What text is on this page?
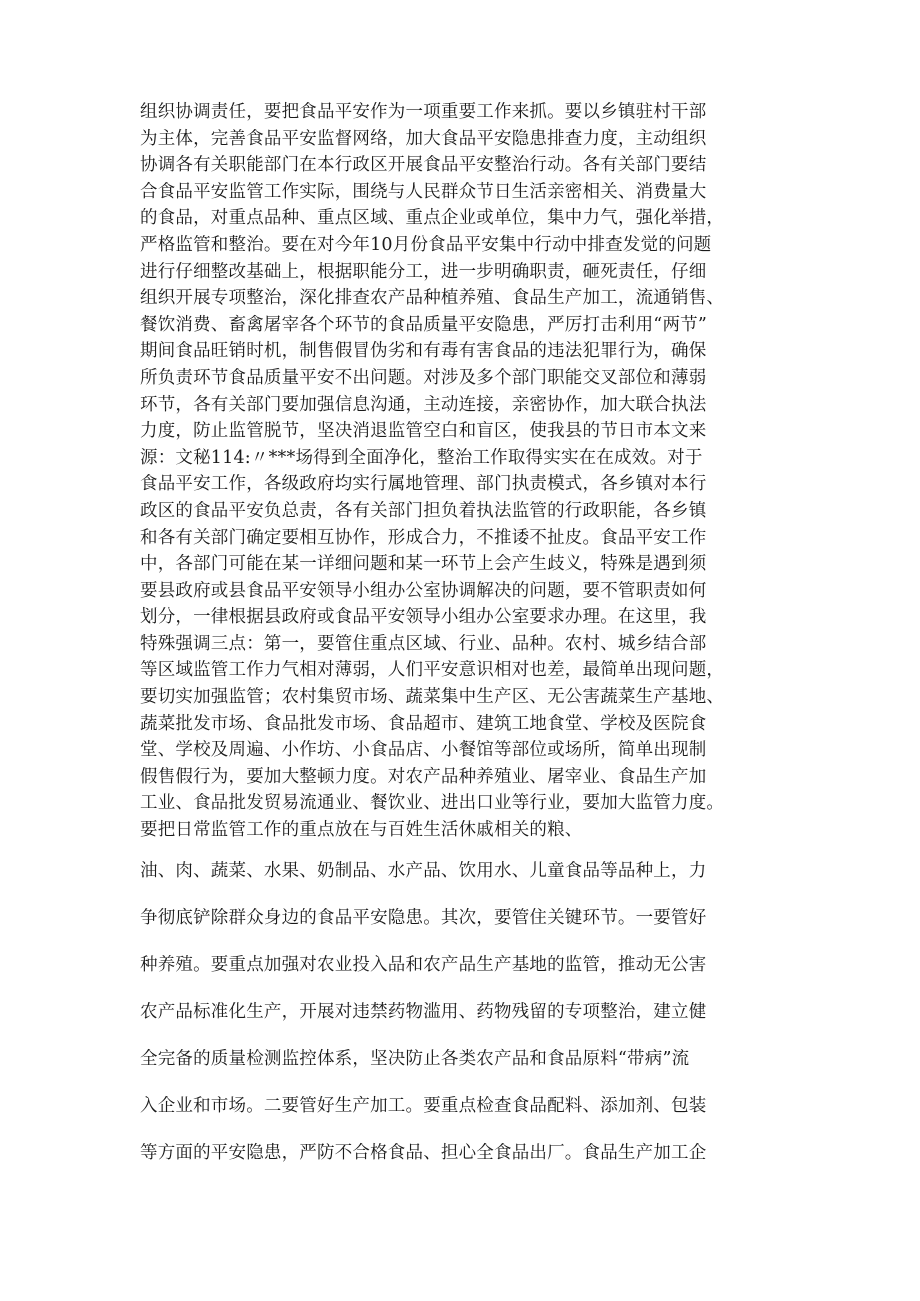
组织协调责任，要把食品平安作为一项重要工作来抓。要以乡镇驻村干部
为主体，完善食品平安监督网络，加大食品平安隐患排查力度，主动组织
协调各有关职能部门在本行政区开展食品平安整治行动。各有关部门要结
合食品平安监管工作实际，围绕与人民群众节日生活亲密相关、消费量大
的食品，对重点品种、重点区域、重点企业或单位，集中力气，强化举措，
严格监管和整治。要在对今年10月份食品平安集中行动中排查发觉的问题
进行仔细整改基础上，根据职能分工，进一步明确职责，砸死责任，仔细
组织开展专项整治，深化排查农产品种植养殖、食品生产加工，流通销售、
餐饮消费、畜禽屠宰各个环节的食品质量平安隐患，严厉打击利用“两节”
期间食品旺销时机，制售假冒伪劣和有毒有害食品的违法犯罪行为，确保
所负责环节食品质量平安不出问题。对涉及多个部门职能交叉部位和薄弱
环节，各有关部门要加强信息沟通，主动连接，亲密协作，加大联合执法
力度，防止监管脱节，坚决消退监管空白和盲区，使我县的节日市本文来
源：文秘114:〃***场得到全面净化，整治工作取得实实在在成效。对于
食品平安工作，各级政府均实行属地管理、部门执责模式，各乡镇对本行
政区的食品平安负总责，各有关部门担负着执法监管的行政职能，各乡镇
和各有关部门确定要相互协作，形成合力，不推诿不扯皮。食品平安工作
中，各部门可能在某一详细问题和某一环节上会产生歧义，特殊是遇到须
要县政府或县食品平安领导小组办公室协调解决的问题，要不管职责如何
划分，一律根据县政府或食品平安领导小组办公室要求办理。在这里，我
特殊强调三点：第一，要管住重点区域、行业、品种。农村、城乡结合部
等区域监管工作力气相对薄弱，人们平安意识相对也差，最简单出现问题，
要切实加强监管；农村集贸市场、蔬菜集中生产区、无公害蔬菜生产基地、
蔬菜批发市场、食品批发市场、食品超市、建筑工地食堂、学校及医院食
堂、学校及周遍、小作坊、小食品店、小餐馆等部位或场所，简单出现制
假售假行为，要加大整顿力度。对农产品种养殖业、屠宰业、食品生产加
工业、食品批发贸易流通业、餐饮业、进出口业等行业，要加大监管力度。
要把日常监管工作的重点放在与百姓生活休戚相关的粮、
油、肉、蔬菜、水果、奶制品、水产品、饮用水、儿童食品等品种上，力
争彻底铲除群众身边的食品平安隐患。其次，要管住关键环节。一要管好
种养殖。要重点加强对农业投入品和农产品生产基地的监管，推动无公害
农产品标准化生产，开展对违禁药物滥用、药物残留的专项整治，建立健
全完备的质量检测监控体系，坚决防止各类农产品和食品原料“带病”流
入企业和市场。二要管好生产加工。要重点检查食品配料、添加剂、包装
等方面的平安隐患，严防不合格食品、担心全食品出厂。食品生产加工企
